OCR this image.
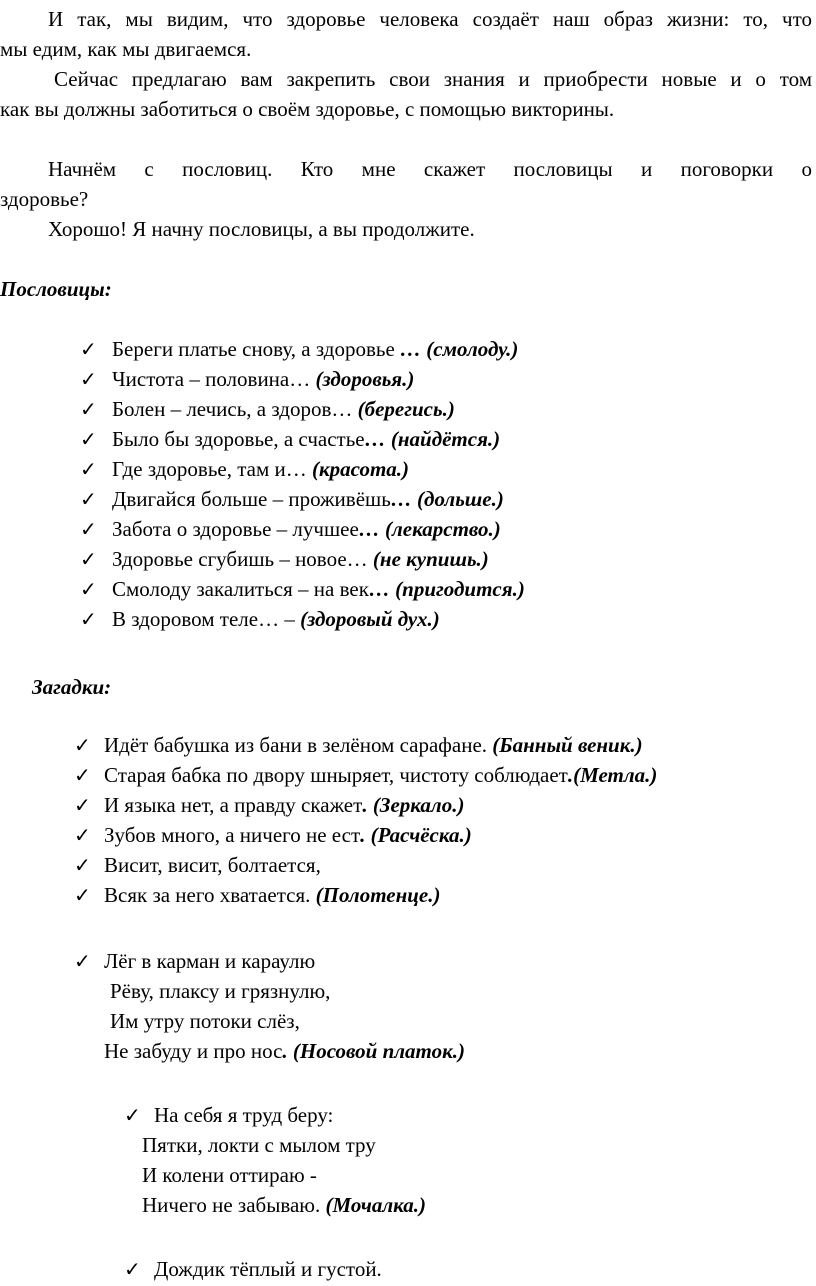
И так, мы видим, что здоровье человека создаёт наш образ жизни: то, что
мы едим, как мы двигаемся.
Сейчас предлагаю вам закрепить свои знания и приобрести новые и о том
как вы должны заботиться о своём здоровье, с помощью викторины.
Начнём с пословиц. Кто мне скажет пословицы и поговорки о
здоровье?
Хорошо! Я начну пословицы, а вы продолжите.
Пословицы:
✓ Береги платье снову, а здоровье … (смолоду.)
✓ Чистота – половина… (здоровья.)
✓ Болен – лечись, а здоров… (берегись.)
✓ Было бы здоровье, а счастье… (найдётся.)
✓ Где здоровье, там и… (красота.)
✓ Двигайся больше – проживёшь… (дольше.)
✓ Забота о здоровье – лучшее… (лекарство.)
✓ Здоровье сгубишь – новое… (не купишь.)
✓ Смолоду закалиться – на век… (пригодится.)
✓ В здоровом теле… – (здоровый дух.)
Загадки:
✓ Идёт бабушка из бани в зелёном сарафане. (Банный веник.)
✓ Старая бабка по двору шныряет, чистоту соблюдает.(Метла.)
✓ И языка нет, а правду скажет. (Зеркало.)
✓ Зубов много, а ничего не ест. (Расчёска.)
✓ Висит, висит, болтается,
✓ Всяк за него хватается. (Полотенце.)
✓ Лёг в карман и караулю
Рёву, плаксу и грязнулю,
Им утру потоки слёз,
Не забуду и про нос. (Носовой платок.)
✓ На себя я труд беру:
Пятки, локти с мылом тру
И колени оттираю -
Ничего не забываю. (Мочалка.)
✓ Дождик тёплый и густой.
